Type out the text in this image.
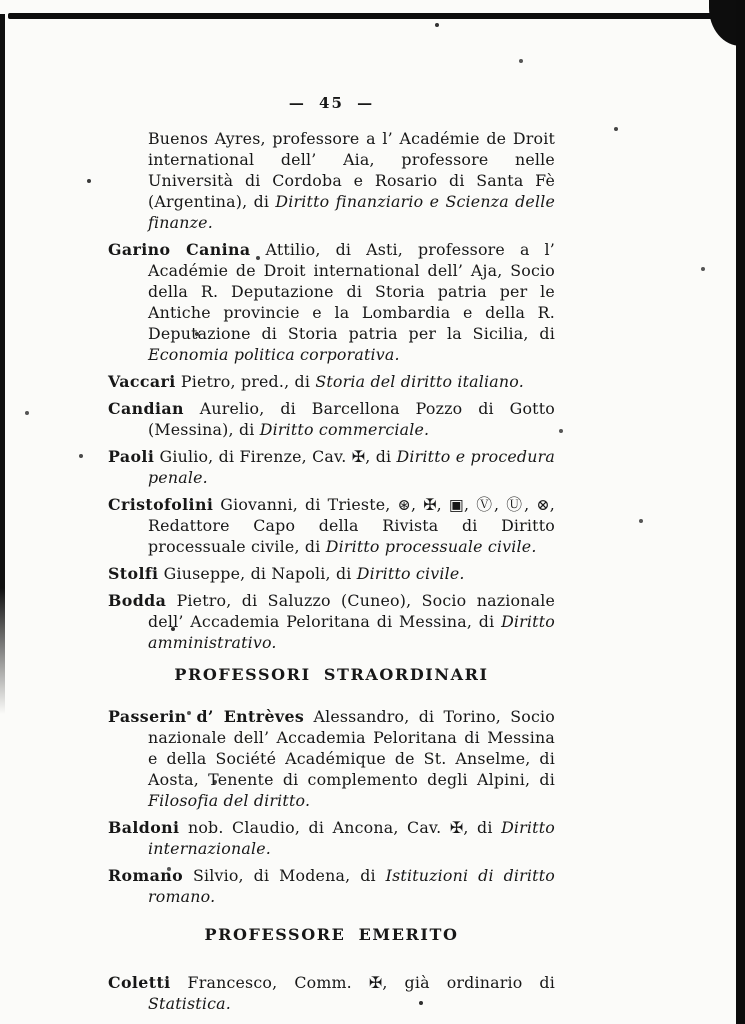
— 45 —

Buenos Ayres, professore a l’ Académie de Droit international dell’ Aia, professore nelle Università di Cordoba e Rosario di Santa Fè (Argentina), di Diritto finanziario e Scienza delle finanze.

Garino Canina Attilio, di Asti, professore a l’ Académie de Droit international dell’ Aja, Socio della R. Deputazione di Storia patria per le Antiche provincie e la Lombardia e della R. Deputazione di Storia patria per la Sicilia, di Economia politica corporativa.

Vaccari Pietro, pred., di Storia del diritto italiano.

Candian Aurelio, di Barcellona Pozzo di Gotto (Messina), di Diritto commerciale.

Paoli Giulio, di Firenze, Cav. ✠, di Diritto e procedura penale.

Cristofolini Giovanni, di Trieste, ⊛, ✠, ▣, Ⓥ, Ⓤ, ⊗, Redattore Capo della Rivista di Diritto processuale civile, di Diritto processuale civile.

Stolfi Giuseppe, di Napoli, di Diritto civile.

Bodda Pietro, di Saluzzo (Cuneo), Socio nazionale dell’ Accademia Peloritana di Messina, di Diritto amministrativo.

PROFESSORI STRAORDINARI

Passerin d’ Entrèves Alessandro, di Torino, Socio nazionale dell’ Accademia Peloritana di Messina e della Société Académique de St. Anselme, di Aosta, Tenente di complemento degli Alpini, di Filosofia del diritto.

Baldoni nob. Claudio, di Ancona, Cav. ✠, di Diritto internazionale.

Romano Silvio, di Modena, di Istituzioni di diritto romano.

PROFESSORE EMERITO

Coletti Francesco, Comm. ✠, già ordinario di Statistica.
